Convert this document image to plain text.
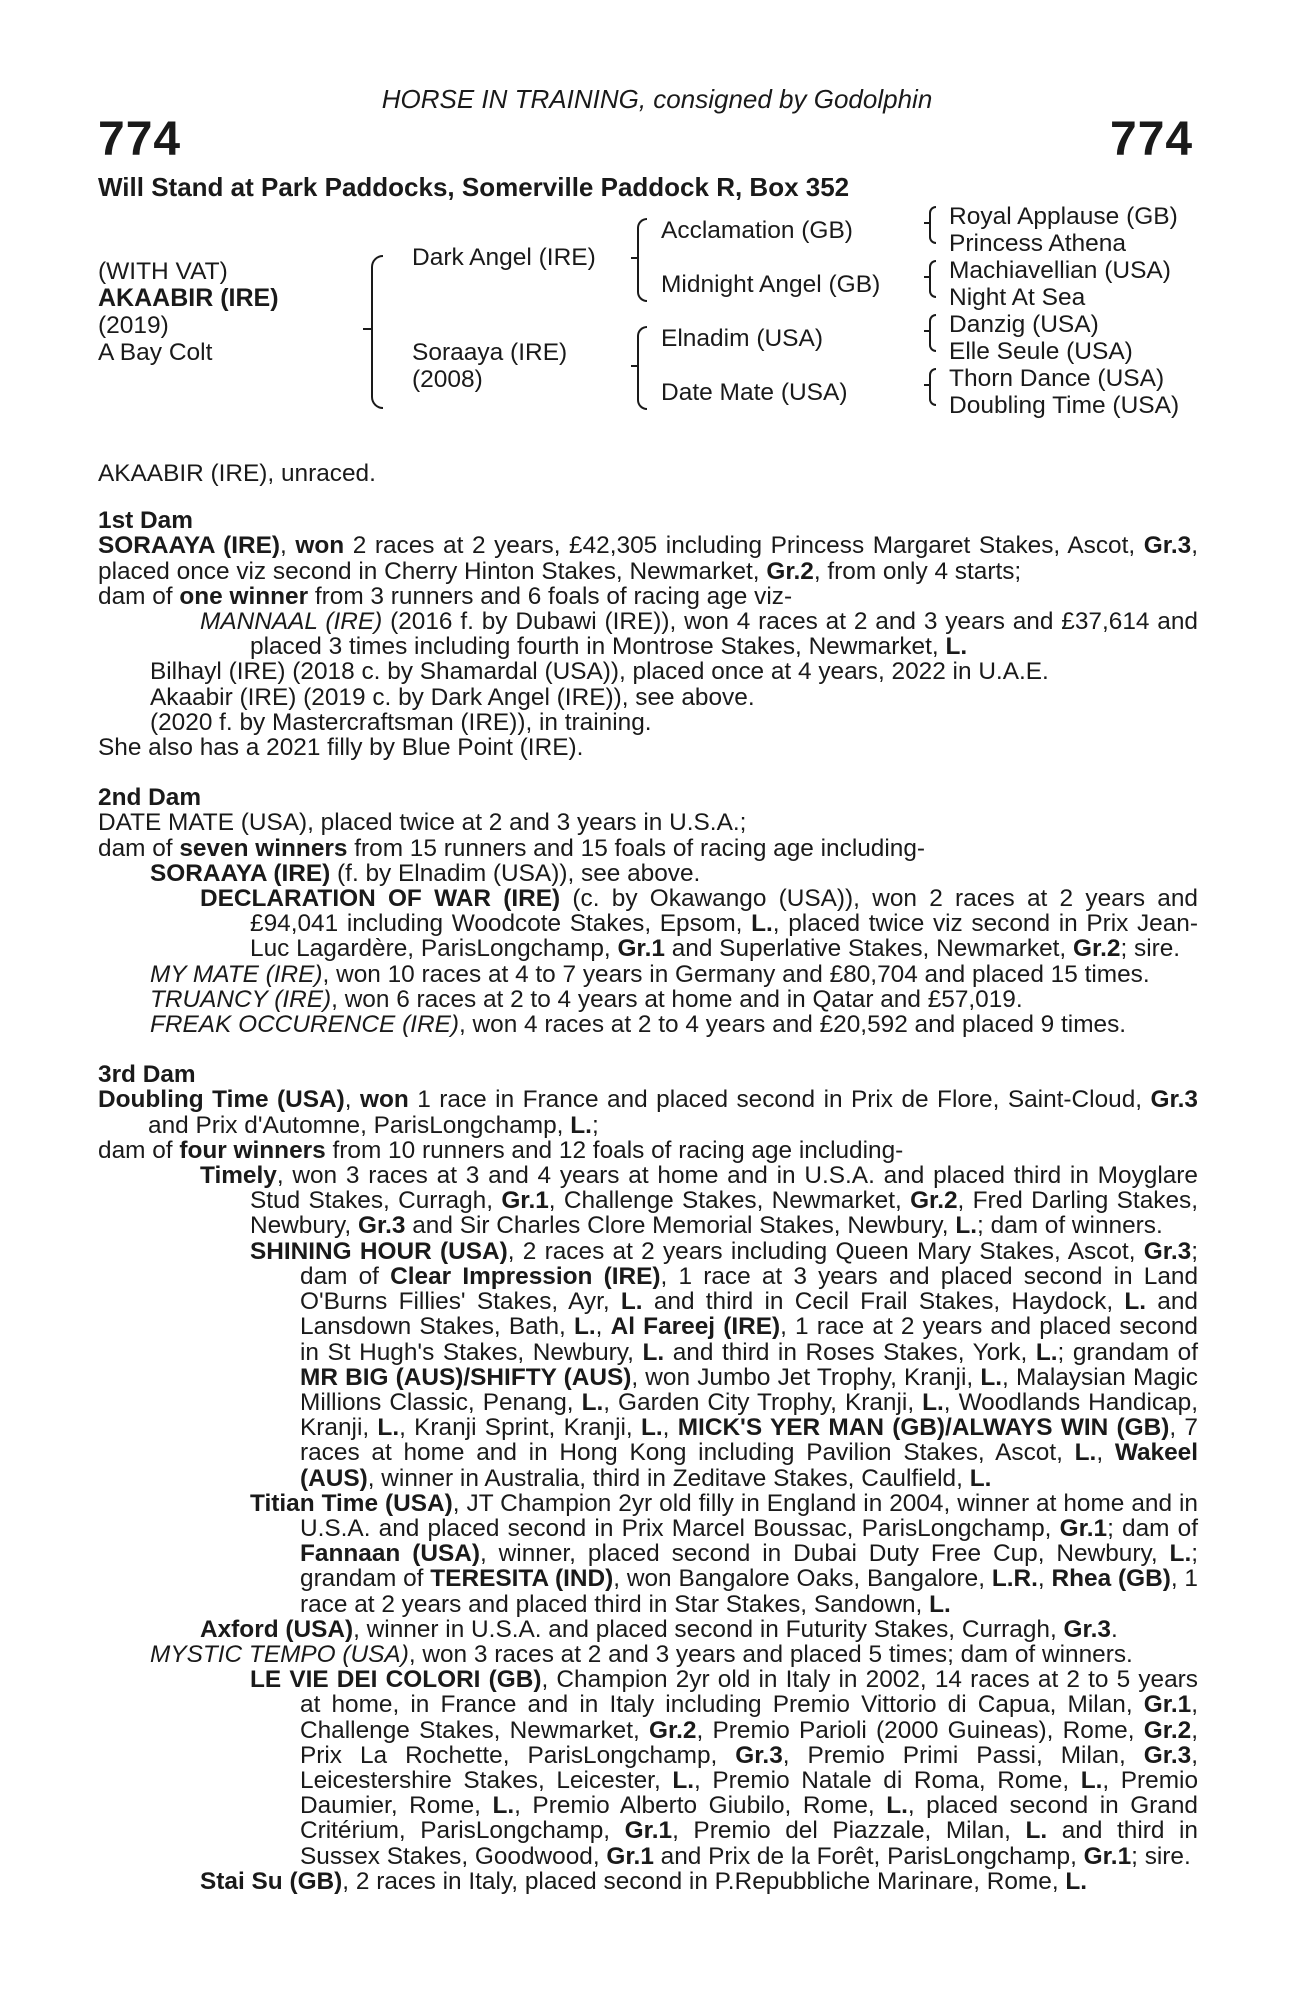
HORSE IN TRAINING, consigned by Godolphin
774	774
Will Stand at Park Paddocks, Somerville Paddock R, Box 352
(WITH VAT)
AKAABIR (IRE)
(2019)
A Bay Colt
Dark Angel (IRE)
Soraaya (IRE)
(2008)
Acclamation (GB)
Midnight Angel (GB)
Elnadim (USA)
Date Mate (USA)
Royal Applause (GB)
Princess Athena
Machiavellian (USA)
Night At Sea
Danzig (USA)
Elle Seule (USA)
Thorn Dance (USA)
Doubling Time (USA)

AKAABIR (IRE), unraced.

1st Dam

SORAAYA (IRE), won 2 races at 2 years, £42,305 including Princess Margaret Stakes, Ascot, Gr.3, placed once viz second in Cherry Hinton Stakes, Newmarket, Gr.2, from only 4 starts;

dam of one winner from 3 runners and 6 foals of racing age viz-

MANNAAL (IRE) (2016 f. by Dubawi (IRE)), won 4 races at 2 and 3 years and £37,614 and placed 3 times including fourth in Montrose Stakes, Newmarket, L.

Bilhayl (IRE) (2018 c. by Shamardal (USA)), placed once at 4 years, 2022 in U.A.E.

Akaabir (IRE) (2019 c. by Dark Angel (IRE)), see above.

(2020 f. by Mastercraftsman (IRE)), in training.

She also has a 2021 filly by Blue Point (IRE).

2nd Dam

DATE MATE (USA), placed twice at 2 and 3 years in U.S.A.;

dam of seven winners from 15 runners and 15 foals of racing age including-

SORAAYA (IRE) (f. by Elnadim (USA)), see above.

DECLARATION OF WAR (IRE) (c. by Okawango (USA)), won 2 races at 2 years and £94,041 including Woodcote Stakes, Epsom, L., placed twice viz second in Prix Jean-Luc Lagardère, ParisLongchamp, Gr.1 and Superlative Stakes, Newmarket, Gr.2; sire.

MY MATE (IRE), won 10 races at 4 to 7 years in Germany and £80,704 and placed 15 times.

TRUANCY (IRE), won 6 races at 2 to 4 years at home and in Qatar and £57,019.

FREAK OCCURENCE (IRE), won 4 races at 2 to 4 years and £20,592 and placed 9 times.

3rd Dam

Doubling Time (USA), won 1 race in France and placed second in Prix de Flore, Saint-Cloud, Gr.3 and Prix d'Automne, ParisLongchamp, L.;

dam of four winners from 10 runners and 12 foals of racing age including-

Timely, won 3 races at 3 and 4 years at home and in U.S.A. and placed third in Moyglare Stud Stakes, Curragh, Gr.1, Challenge Stakes, Newmarket, Gr.2, Fred Darling Stakes, Newbury, Gr.3 and Sir Charles Clore Memorial Stakes, Newbury, L.; dam of winners.

SHINING HOUR (USA), 2 races at 2 years including Queen Mary Stakes, Ascot, Gr.3; dam of Clear Impression (IRE), 1 race at 3 years and placed second in Land O'Burns Fillies' Stakes, Ayr, L. and third in Cecil Frail Stakes, Haydock, L. and Lansdown Stakes, Bath, L., Al Fareej (IRE), 1 race at 2 years and placed second in St Hugh's Stakes, Newbury, L. and third in Roses Stakes, York, L.; grandam of MR BIG (AUS)/SHIFTY (AUS), won Jumbo Jet Trophy, Kranji, L., Malaysian Magic Millions Classic, Penang, L., Garden City Trophy, Kranji, L., Woodlands Handicap, Kranji, L., Kranji Sprint, Kranji, L., MICK'S YER MAN (GB)/ALWAYS WIN (GB), 7 races at home and in Hong Kong including Pavilion Stakes, Ascot, L., Wakeel (AUS), winner in Australia, third in Zeditave Stakes, Caulfield, L.

Titian Time (USA), JT Champion 2yr old filly in England in 2004, winner at home and in U.S.A. and placed second in Prix Marcel Boussac, ParisLongchamp, Gr.1; dam of Fannaan (USA), winner, placed second in Dubai Duty Free Cup, Newbury, L.; grandam of TERESITA (IND), won Bangalore Oaks, Bangalore, L.R., Rhea (GB), 1 race at 2 years and placed third in Star Stakes, Sandown, L.

Axford (USA), winner in U.S.A. and placed second in Futurity Stakes, Curragh, Gr.3.

MYSTIC TEMPO (USA), won 3 races at 2 and 3 years and placed 5 times; dam of winners.

LE VIE DEI COLORI (GB), Champion 2yr old in Italy in 2002, 14 races at 2 to 5 years at home, in France and in Italy including Premio Vittorio di Capua, Milan, Gr.1, Challenge Stakes, Newmarket, Gr.2, Premio Parioli (2000 Guineas), Rome, Gr.2, Prix La Rochette, ParisLongchamp, Gr.3, Premio Primi Passi, Milan, Gr.3, Leicestershire Stakes, Leicester, L., Premio Natale di Roma, Rome, L., Premio Daumier, Rome, L., Premio Alberto Giubilo, Rome, L., placed second in Grand Critérium, ParisLongchamp, Gr.1, Premio del Piazzale, Milan, L. and third in Sussex Stakes, Goodwood, Gr.1 and Prix de la Forêt, ParisLongchamp, Gr.1; sire.

Stai Su (GB), 2 races in Italy, placed second in P.Repubbliche Marinare, Rome, L.
